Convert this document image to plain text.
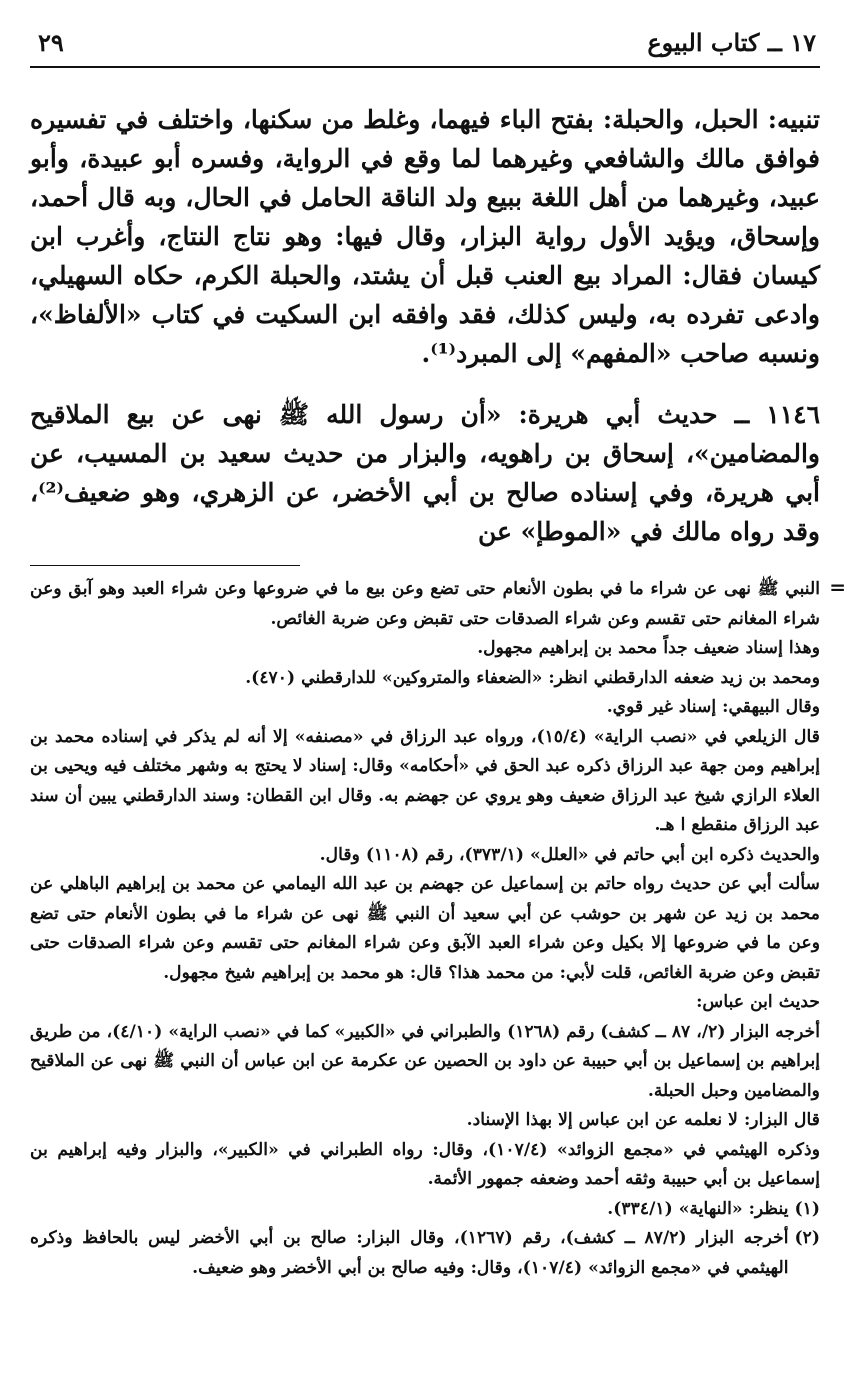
١٧ ــ كتاب البيوع
٢٩

تنبيه: الحبل، والحبلة: بفتح الباء فيهما، وغلط من سكنها، واختلف في تفسيره فوافق مالك والشافعي وغيرهما لما وقع في الرواية، وفسره أبو عبيدة، وأبو عبيد، وغيرهما من أهل اللغة ببيع ولد الناقة الحامل في الحال، وبه قال أحمد، وإسحاق، ويؤيد الأول رواية البزار، وقال فيها: وهو نتاج النتاج، وأغرب ابن كيسان فقال: المراد بيع العنب قبل أن يشتد، والحبلة الكرم، حكاه السهيلي، وادعى تفرده به، وليس كذلك، فقد وافقه ابن السكيت في كتاب «الألفاظ»، ونسبه صاحب «المفهم» إلى المبرد⁽¹⁾.

١١٤٦ ــ حديث أبي هريرة: «أن رسول الله ﷺ نهى عن بيع الملاقيح والمضامين»، إسحاق بن راهويه، والبزار من حديث سعيد بن المسيب، عن أبي هريرة، وفي إسناده صالح بن أبي الأخضر، عن الزهري، وهو ضعيف⁽²⁾، وقد رواه مالك في «الموطإ» عن

=

النبي ﷺ نهى عن شراء ما في بطون الأنعام حتى تضع وعن بيع ما في ضروعها وعن شراء العبد وهو آبق وعن شراء المغانم حتى تقسم وعن شراء الصدقات حتى تقبض وعن ضربة الغائص.

وهذا إسناد ضعيف جداً محمد بن إبراهيم مجهول.

ومحمد بن زيد ضعفه الدارقطني انظر: «الضعفاء والمتروكين» للدارقطني (٤٧٠).

وقال البيهقي: إسناد غير قوي.

قال الزيلعي في «نصب الراية» (١٥/٤)، ورواه عبد الرزاق في «مصنفه» إلا أنه لم يذكر في إسناده محمد بن إبراهيم ومن جهة عبد الرزاق ذكره عبد الحق في «أحكامه» وقال: إسناد لا يحتج به وشهر مختلف فيه ويحيى بن العلاء الرازي شيخ عبد الرزاق ضعيف وهو يروي عن جهضم به. وقال ابن القطان: وسند الدارقطني يبين أن سند عبد الرزاق منقطع ا هـ.

والحديث ذكره ابن أبي حاتم في «العلل» (٣٧٣/١)، رقم (١١٠٨) وقال.

سألت أبي عن حديث رواه حاتم بن إسماعيل عن جهضم بن عبد الله اليمامي عن محمد بن إبراهيم الباهلي عن محمد بن زيد عن شهر بن حوشب عن أبي سعيد أن النبي ﷺ نهى عن شراء ما في بطون الأنعام حتى تضع وعن ما في ضروعها إلا بكيل وعن شراء العبد الآبق وعن شراء المغانم حتى تقسم وعن شراء الصدقات حتى تقبض وعن ضربة الغائص، قلت لأبي: من محمد هذا؟ قال: هو محمد بن إبراهيم شيخ مجهول.

حديث ابن عباس:

أخرجه البزار (٢/، ٨٧ ــ كشف) رقم (١٢٦٨) والطبراني في «الكبير» كما في «نصب الراية» (٤/١٠)، من طريق إبراهيم بن إسماعيل بن أبي حبيبة عن داود بن الحصين عن عكرمة عن ابن عباس أن النبي ﷺ نهى عن الملاقيح والمضامين وحبل الحبلة.

قال البزار: لا نعلمه عن ابن عباس إلا بهذا الإسناد.

وذكره الهيثمي في «مجمع الزوائد» (١٠٧/٤)، وقال: رواه الطبراني في «الكبير»، والبزار وفيه إبراهيم بن إسماعيل بن أبي حبيبة وثقه أحمد وضعفه جمهور الأئمة.

(١)
ينظر: «النهاية» (٣٣٤/١).
(٢)
أخرجه البزار (٨٧/٢ ــ كشف)، رقم (١٢٦٧)، وقال البزار: صالح بن أبي الأخضر ليس بالحافظ وذكره الهيثمي في «مجمع الزوائد» (١٠٧/٤)، وقال: وفيه صالح بن أبي الأخضر وهو ضعيف.
